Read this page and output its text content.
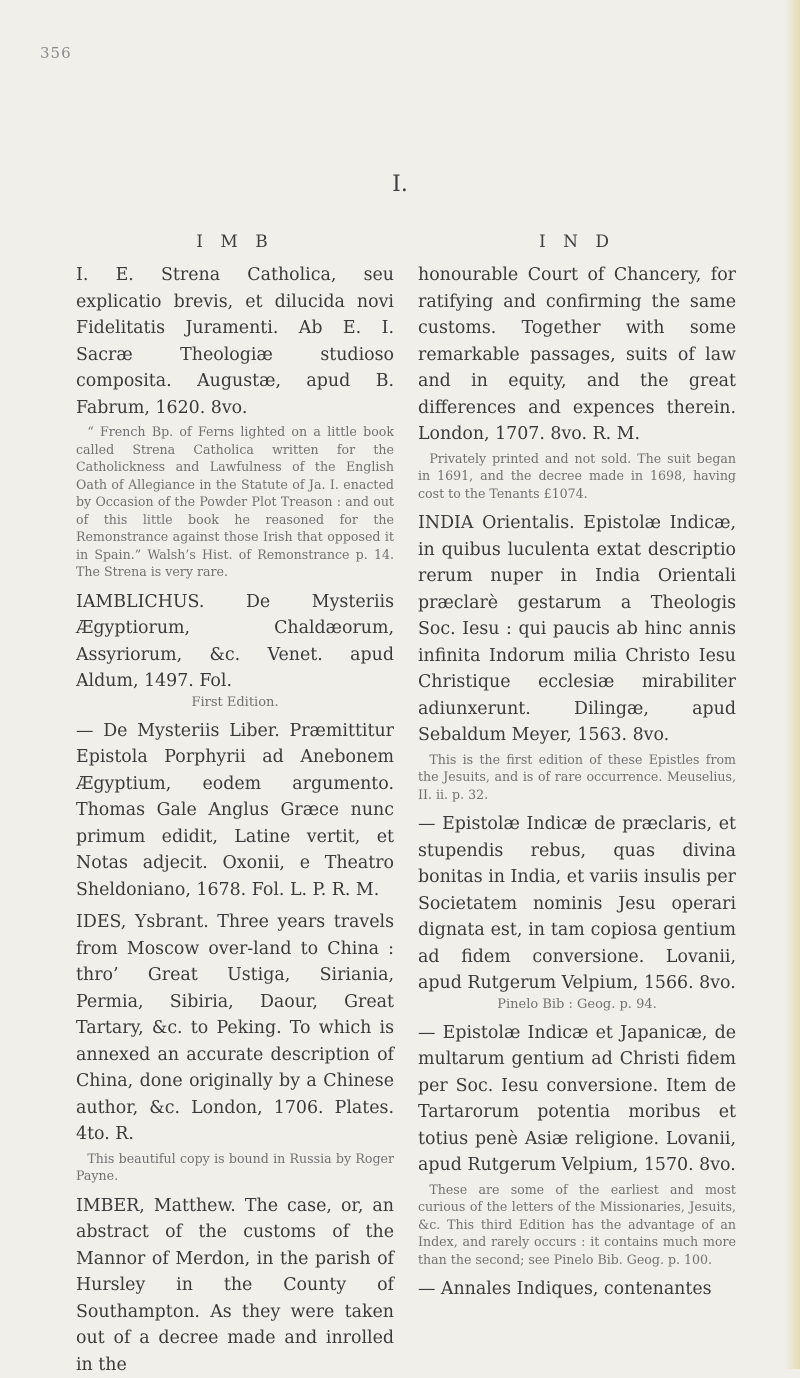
356
I.
I M B

I. E. Strena Catholica, seu explicatio brevis, et dilucida novi Fidelitatis Juramenti. Ab E. I. Sacræ Theologiæ studioso composita. Augustæ, apud B. Fabrum, 1620. 8vo.

“ French Bp. of Ferns lighted on a little book called Strena Catholica written for the Catholickness and Lawfulness of the English Oath of Allegiance in the Statute of Ja. I. enacted by Occasion of the Powder Plot Treason : and out of this little book he reasoned for the Remonstrance against those Irish that opposed it in Spain.” Walsh’s Hist. of Remonstrance p. 14. The Strena is very rare.

IAMBLICHUS. De Mysteriis Ægyptiorum, Chaldæorum, Assyriorum, &c. Venet. apud Aldum, 1497. Fol.

First Edition.

— De Mysteriis Liber. Præmittitur Epistola Porphyrii ad Anebonem Ægyptium, eodem argumento. Thomas Gale Anglus Græce nunc primum edidit, Latine vertit, et Notas adjecit. Oxonii, e Theatro Sheldoniano, 1678. Fol. L. P. R. M.

IDES, Ysbrant. Three years travels from Moscow over-land to China : thro’ Great Ustiga, Siriania, Permia, Sibiria, Daour, Great Tartary, &c. to Peking. To which is annexed an accurate description of China, done originally by a Chinese author, &c. London, 1706. Plates. 4to. R.

This beautiful copy is bound in Russia by Roger Payne.

IMBER, Matthew. The case, or, an abstract of the customs of the Mannor of Merdon, in the parish of Hursley in the County of Southampton. As they were taken out of a decree made and inrolled in the

I N D

honourable Court of Chancery, for ratifying and confirming the same customs. Together with some remarkable passages, suits of law and in equity, and the great differences and expences therein. London, 1707. 8vo. R. M.

Privately printed and not sold. The suit began in 1691, and the decree made in 1698, having cost to the Tenants £1074.

INDIA Orientalis. Epistolæ Indicæ, in quibus luculenta extat descriptio rerum nuper in India Orientali præclarè gestarum a Theologis Soc. Iesu : qui paucis ab hinc annis infinita Indorum milia Christo Iesu Christique ecclesiæ mirabiliter adiunxerunt. Dilingæ, apud Sebaldum Meyer, 1563. 8vo.

This is the first edition of these Epistles from the Jesuits, and is of rare occurrence. Meuselius, II. ii. p. 32.

— Epistolæ Indicæ de præclaris, et stupendis rebus, quas divina bonitas in India, et variis insulis per Societatem nominis Jesu operari dignata est, in tam copiosa gentium ad fidem conversione. Lovanii, apud Rutgerum Velpium, 1566. 8vo.

Pinelo Bib : Geog. p. 94.

— Epistolæ Indicæ et Japanicæ, de multarum gentium ad Christi fidem per Soc. Iesu conversione. Item de Tartarorum potentia moribus et totius penè Asiæ religione. Lovanii, apud Rutgerum Velpium, 1570. 8vo.

These are some of the earliest and most curious of the letters of the Missionaries, Jesuits, &c. This third Edition has the advantage of an Index, and rarely occurs : it contains much more than the second; see Pinelo Bib. Geog. p. 100.

— Annales Indiques, contenantes
